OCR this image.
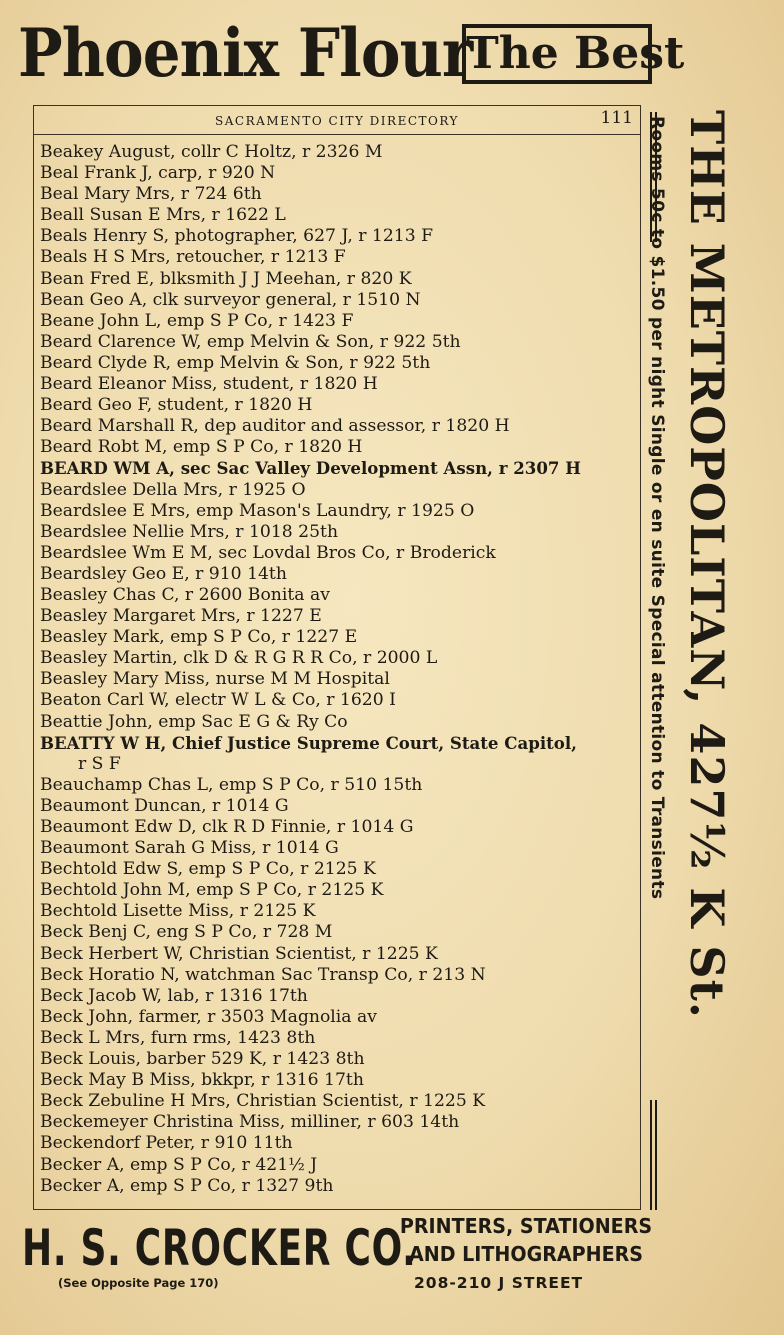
Phoenix Flour
The Best
SACRAMENTO CITY DIRECTORY	111
Beakey August, collr C Holtz, r 2326 M
Beal Frank J, carp, r 920 N
Beal Mary Mrs, r 724 6th
Beall Susan E Mrs, r 1622 L
Beals Henry S, photographer, 627 J, r 1213 F
Beals H S Mrs, retoucher, r 1213 F
Bean Fred E, blksmith J J Meehan, r 820 K
Bean Geo A, clk surveyor general, r 1510 N
Beane John L, emp S P Co, r 1423 F
Beard Clarence W, emp Melvin & Son, r 922 5th
Beard Clyde R, emp Melvin & Son, r 922 5th
Beard Eleanor Miss, student, r 1820 H
Beard Geo F, student, r 1820 H
Beard Marshall R, dep auditor and assessor, r 1820 H
Beard Robt M, emp S P Co, r 1820 H
BEARD WM A, sec Sac Valley Development Assn, r 2307 H
Beardslee Della Mrs, r 1925 O
Beardslee E Mrs, emp Mason's Laundry, r 1925 O
Beardslee Nellie Mrs, r 1018 25th
Beardslee Wm E M, sec Lovdal Bros Co, r Broderick
Beardsley Geo E, r 910 14th
Beasley Chas C, r 2600 Bonita av
Beasley Margaret Mrs, r 1227 E
Beasley Mark, emp S P Co, r 1227 E
Beasley Martin, clk D & R G R R Co, r 2000 L
Beasley Mary Miss, nurse M M Hospital
Beaton Carl W, electr W L & Co, r 1620 I
Beattie John, emp Sac E G & Ry Co
BEATTY W H, Chief Justice Supreme Court, State Capitol,
r S F
Beauchamp Chas L, emp S P Co, r 510 15th
Beaumont Duncan, r 1014 G
Beaumont Edw D, clk R D Finnie, r 1014 G
Beaumont Sarah G Miss, r 1014 G
Bechtold Edw S, emp S P Co, r 2125 K
Bechtold John M, emp S P Co, r 2125 K
Bechtold Lisette Miss, r 2125 K
Beck Benj C, eng S P Co, r 728 M
Beck Herbert W, Christian Scientist, r 1225 K
Beck Horatio N, watchman Sac Transp Co, r 213 N
Beck Jacob W, lab, r 1316 17th
Beck John, farmer, r 3503 Magnolia av
Beck L Mrs, furn rms, 1423 8th
Beck Louis, barber 529 K, r 1423 8th
Beck May B Miss, bkkpr, r 1316 17th
Beck Zebuline H Mrs, Christian Scientist, r 1225 K
Beckemeyer Christina Miss, milliner, r 603 14th
Beckendorf Peter, r 910 11th
Becker A, emp S P Co, r 421½ J
Becker A, emp S P Co, r 1327 9th
THE METROPOLITAN, 427½ K St.
Rooms 50c to $1.50 per night Single or en suite Special attention to Transients
H. S. CROCKER CO.
(See Opposite Page 170)
PRINTERS, STATIONERS
AND LITHOGRAPHERS
208-210 J STREET
